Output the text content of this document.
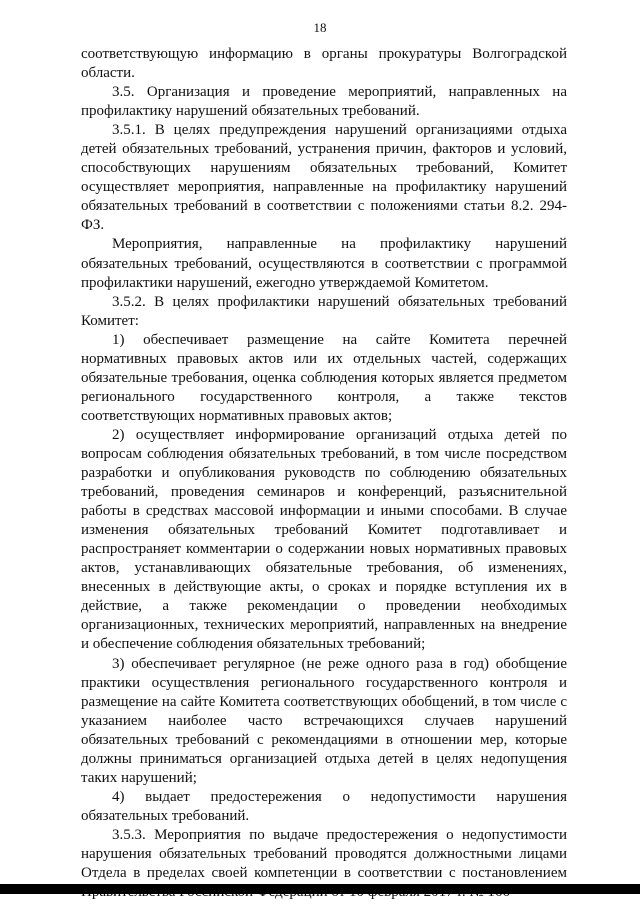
18

соответствующую информацию в органы прокуратуры Волгоградской области.

3.5. Организация и проведение мероприятий, направленных на профилактику нарушений обязательных требований.

3.5.1. В целях предупреждения нарушений организациями отдыха детей обязательных требований, устранения причин, факторов и условий, способствующих нарушениям обязательных требований, Комитет осуществляет мероприятия, направленные на профилактику нарушений обязательных требований в соответствии с положениями статьи 8.2. 294-ФЗ.

Мероприятия, направленные на профилактику нарушений обязательных требований, осуществляются в соответствии с программой профилактики нарушений, ежегодно утверждаемой Комитетом.

3.5.2. В целях профилактики нарушений обязательных требований Комитет:

1) обеспечивает размещение на сайте Комитета перечней нормативных правовых актов или их отдельных частей, содержащих обязательные требования, оценка соблюдения которых является предметом регионального государственного контроля, а также текстов соответствующих нормативных правовых актов;

2) осуществляет информирование организаций отдыха детей по вопросам соблюдения обязательных требований, в том числе посредством разработки и опубликования руководств по соблюдению обязательных требований, проведения семинаров и конференций, разъяснительной работы в средствах массовой информации и иными способами. В случае изменения обязательных требований Комитет подготавливает и распространяет комментарии о содержании новых нормативных правовых актов, устанавливающих обязательные требования, об изменениях, внесенных в действующие акты, о сроках и порядке вступления их в действие, а также рекомендации о проведении необходимых организационных, технических мероприятий, направленных на внедрение и обеспечение соблюдения обязательных требований;

3) обеспечивает регулярное (не реже одного раза в год) обобщение практики осуществления регионального государственного контроля и размещение на сайте Комитета соответствующих обобщений, в том числе с указанием наиболее часто встречающихся случаев нарушений обязательных требований с рекомендациями в отношении мер, которые должны приниматься организацией отдыха детей в целях недопущения таких нарушений;

4) выдает предостережения о недопустимости нарушения обязательных требований.

3.5.3. Мероприятия по выдаче предостережения о недопустимости нарушения обязательных требований проводятся должностными лицами Отдела в пределах своей компетенции в соответствии с постановлением
